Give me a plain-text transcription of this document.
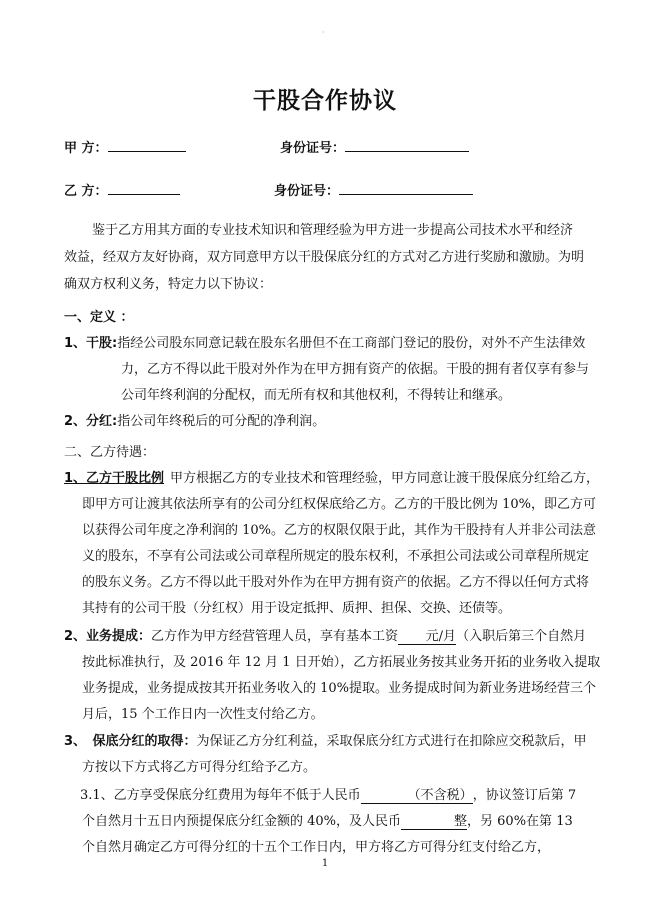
·
干股合作协议
甲 方：	身份证号：
乙 方：	身份证号：
鉴于乙方用其方面的专业技术知识和管理经验为甲方进一步提高公司技术水平和经济
效益，经双方友好协商，双方同意甲方以干股保底分红的方式对乙方进行奖励和激励。为明
确双方权利义务，特定力以下协议：
一、定义 ：
1、干股:指经公司股东同意记载在股东名册但不在工商部门登记的股份，对外不产生法律效
力，乙方不得以此干股对外作为在甲方拥有资产的依据。干股的拥有者仅享有参与
公司年终利润的分配权，而无所有权和其他权利，不得转让和继承。
2、分红:指公司年终税后的可分配的净利润。
二、乙方待遇：
1、乙方干股比例 甲方根据乙方的专业技术和管理经验，甲方同意让渡干股保底分红给乙方，
即甲方可让渡其依法所享有的公司分红权保底给乙方。乙方的干股比例为 10%，即乙方可
以获得公司年度之净利润的 10%。乙方的权限仅限于此，其作为干股持有人并非公司法意
义的股东，不享有公司法或公司章程所规定的股东权利，不承担公司法或公司章程所规定
的股东义务。乙方不得以此干股对外作为在甲方拥有资产的依据。乙方不得以任何方式将
其持有的公司干股（分红权）用于设定抵押、质押、担保、交换、还债等。
2、业务提成：乙方作为甲方经营管理人员，享有基本工资 元/月（入职后第三个自然月
按此标准执行，及 2016 年 12 月 1 日开始），乙方拓展业务按其业务开拓的业务收入提取
业务提成，业务提成按其开拓业务收入的 10%提取。业务提成时间为新业务进场经营三个
月后，15 个工作日内一次性支付给乙方。
3、　保底分红的取得：为保证乙方分红利益，采取保底分红方式进行在扣除应交税款后，甲
方按以下方式将乙方可得分红给予乙方。
3.1、乙方享受保底分红费用为每年不低于人民币	（不含税），协议签订后第 7
个自然月十五日内预提保底分红金额的 40%，及人民币	整，另 60%在第 13
个自然月确定乙方可得分红的十五个工作日内，甲方将乙方可得分红支付给乙方，
1
